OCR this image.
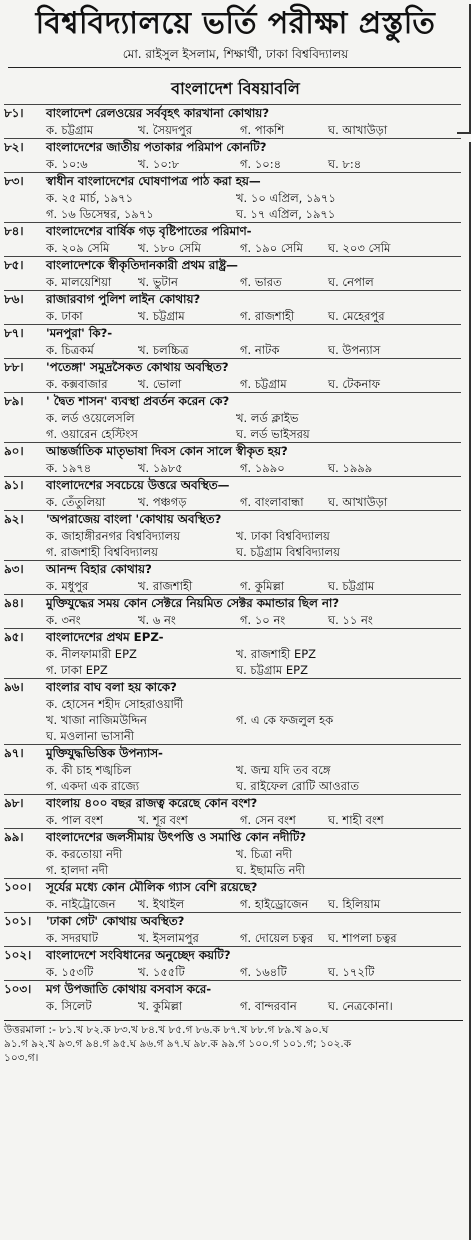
বিশ্ববিদ্যালয়ে ভর্তি পরীক্ষা প্রস্তুতি
মো. রাইসুল ইসলাম, শিক্ষার্থী, ঢাকা বিশ্ববিদ্যালয়
বাংলাদেশ বিষয়াবলি
৮১।	বাংলাদেশ রেলওয়ের সর্ববৃহৎ কারখানা কোথায়?
ক. চট্টগ্রাম	খ. সৈয়দপুর	গ. পাকশি	ঘ. আখাউড়া
৮২।	বাংলাদেশের জাতীয় পতাকার পরিমাপ কোনটি?
ক. ১০:৬	খ. ১০:৮	গ. ১০:৪	ঘ. ৮:৪
৮৩।	স্বাধীন বাংলাদেশের ঘোষণাপত্র পাঠ করা হয়—
ক. ২৫ মার্চ, ১৯৭১	খ. ১০ এপ্রিল, ১৯৭১
গ. ১৬ ডিসেম্বর, ১৯৭১	ঘ. ১৭ এপ্রিল, ১৯৭১
৮৪।	বাংলাদেশের বার্ষিক গড় বৃষ্টিপাতের পরিমাণ-
ক. ২০৯ সেমি	খ. ১৮০ সেমি	গ. ১৯০ সেমি	ঘ. ২০৩ সেমি
৮৫।	বাংলাদেশকে স্বীকৃতিদানকারী প্রথম রাষ্ট্র—
ক. মালয়েশিয়া	খ. ভুটান	গ. ভারত	ঘ. নেপাল
৮৬।	রাজারবাগ পুলিশ লাইন কোথায়?
ক. ঢাকা	খ. চট্টগ্রাম	গ. রাজশাহী	ঘ. মেহেরপুর
৮৭।	'মনপুরা' কি?-
ক. চিত্রকর্ম	খ. চলচ্চিত্র	গ. নাটক	ঘ. উপন্যাস
৮৮।	'পতেঙ্গা' সমুদ্রসৈকত কোথায় অবস্থিত?
ক. কক্সবাজার	খ. ভোলা	গ. চট্টগ্রাম	ঘ. টেকনাফ
৮৯।	' দ্বৈত শাসন' ব্যবস্থা প্রবর্তন করেন কে?
ক. লর্ড ওয়েলেসলি	খ. লর্ড ক্লাইভ
গ. ওয়ারেন হেস্টিংস	ঘ. লর্ড ভাইসরয়
৯০।	আন্তর্জাতিক মাতৃভাষা দিবস কোন সালে স্বীকৃত হয়?
ক. ১৯৭৪	খ. ১৯৮৫	গ. ১৯৯০	ঘ. ১৯৯৯
৯১।	বাংলাদেশের সবচেয়ে উত্তরে অবস্থিত—
ক. তেঁতুলিয়া	খ. পঞ্চগড়	গ. বাংলাবান্ধা	ঘ. আখাউড়া
৯২।	'অপরাজেয় বাংলা 'কোথায় অবস্থিত?
ক. জাহাঙ্গীরনগর বিশ্ববিদ্যালয়	খ. ঢাকা বিশ্ববিদ্যালয়
গ. রাজশাহী বিশ্ববিদ্যালয়	ঘ. চট্টগ্রাম বিশ্ববিদ্যালয়
৯৩।	আনন্দ বিহার কোথায়?
ক. মধুপুর	খ. রাজশাহী	গ. কুমিল্লা	ঘ. চট্টগ্রাম
৯৪।	মুক্তিযুদ্ধের সময় কোন সেক্টরে নিয়মিত সেক্টর কমান্ডার ছিল না?
ক. ৩নং	খ. ৬ নং	গ. ১০ নং	ঘ. ১১ নং
৯৫।	বাংলাদেশের প্রথম EPZ-
ক. নীলফামারী EPZ	খ. রাজশাহী EPZ
গ. ঢাকা EPZ	ঘ. চট্টগ্রাম EPZ
৯৬।	বাংলার বাঘ বলা হয় কাকে?
ক. হোসেন শহীদ সোহরাওয়ার্দী
খ. খাজা নাজিমউদ্দিন	গ. এ কে ফজলুল হক
ঘ. মওলানা ভাসানী
৯৭।	মুক্তিযুদ্ধভিত্তিক উপন্যাস-
ক. কী চাহ শঙ্খচিল	খ. জন্ম যদি তব বঙ্গে
গ. একদা এক রাজ্যে	ঘ. রাইফেল রোটি আওরাত
৯৮।	বাংলায় ৪০০ বছর রাজত্ব করেছে কোন বংশ?
ক. পাল বংশ	খ. শূর বংশ	গ. সেন বংশ	ঘ. শাহী বংশ
৯৯।	বাংলাদেশের জলসীমায় উৎপত্তি ও সমাপ্তি কোন নদীটি?
ক. করতোয়া নদী	খ. চিত্রা নদী
গ. হালদা নদী	ঘ. ইছামতি নদী
১০০।	সূর্যের মধ্যে কোন মৌলিক গ্যাস বেশি রয়েছে?
ক. নাইট্রোজেন	খ. ইথাইল	গ. হাইড্রোজেন	ঘ. হিলিয়াম
১০১।	'ঢাকা গেট' কোথায় অবস্থিত?
ক. সদরঘাট	খ. ইসলামপুর	গ. দোয়েল চত্বর	ঘ. শাপলা চত্বর
১০২।	বাংলাদেশে সংবিধানের অনুচ্ছেদ কয়টি?
ক. ১৫৩টি	খ. ১৫৫টি	গ. ১৬৪টি	ঘ. ১৭২টি
১০৩।	মগ উপজাতি কোথায় বসবাস করে-
ক. সিলেট	খ. কুমিল্লা	গ. বান্দরবান	ঘ. নেত্রকোনা।
উত্তরমালা :- ৮১.খ ৮২.ক ৮৩.খ ৮৪.খ ৮৫.গ ৮৬.ক ৮৭.খ ৮৮.গ ৮৯.খ ৯০.ঘ
৯১.গ ৯২.খ ৯৩.গ ৯৪.গ ৯৫.ঘ ৯৬.গ ৯৭.ঘ ৯৮.ক ৯৯.গ ১০০.গ ১০১.গ; ১০২.ক
১০৩.গ।
